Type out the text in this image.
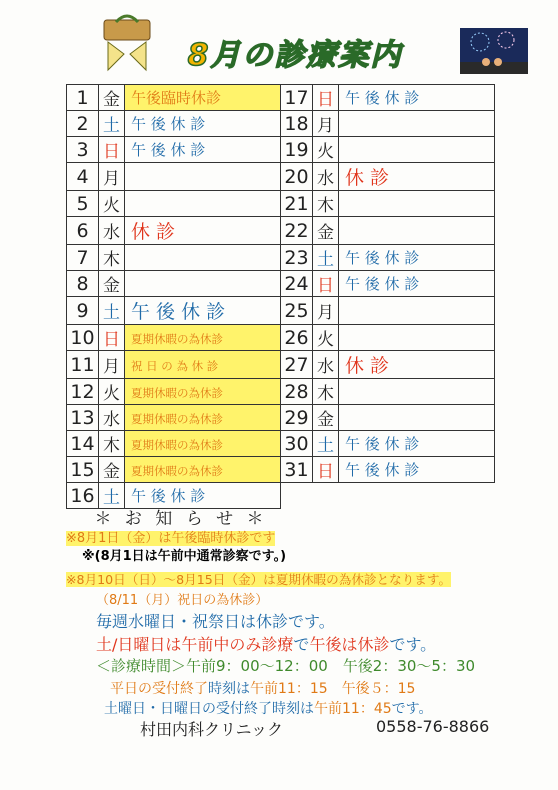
8月の診療案内
1	金	午後臨時休診	17	日	午 後 休 診
2	土	午 後 休 診	18	月	
3	日	午 後 休 診	19	火	
4	月		20	水	休 診

5	火		21	木	
6	水	休 診	22	金	
7	木		23	土	午 後 休 診
8	金		24	日	午 後 休 診
9	土	午 後 休 診	25	月	
10	日	夏期休暇の為休診	26	火	
11	月	祝 日 の 為 休 診	27	水	休 診

12	火	夏期休暇の為休診	28	木	
13	水	夏期休暇の為休診	29	金	
14	木	夏期休暇の為休診	30	土	午 後 休 診
15	金	夏期休暇の為休診	31	日	午 後 休 診
16	土	午 後 休 診			
＊ お 知 ら せ ＊
※8月1日（金）は午後臨時休診です
※(8月1日は午前中通常診察です。)
※8月10日（日）～8月15日（金）は夏期休暇の為休診となります。
（8/11（月）祝日の為休診）
毎週水曜日・祝祭日は休診です。
土/日曜日は午前中のみ診療で午後は休診です。
＜診療時間＞午前9：00～12：00　午後2：30～5：30
平日の受付終了時刻は午前11：15　午後５：15
土曜日・日曜日の受付終了時刻は午前11：45です。
村田内科クリニック	0558-76-8866
